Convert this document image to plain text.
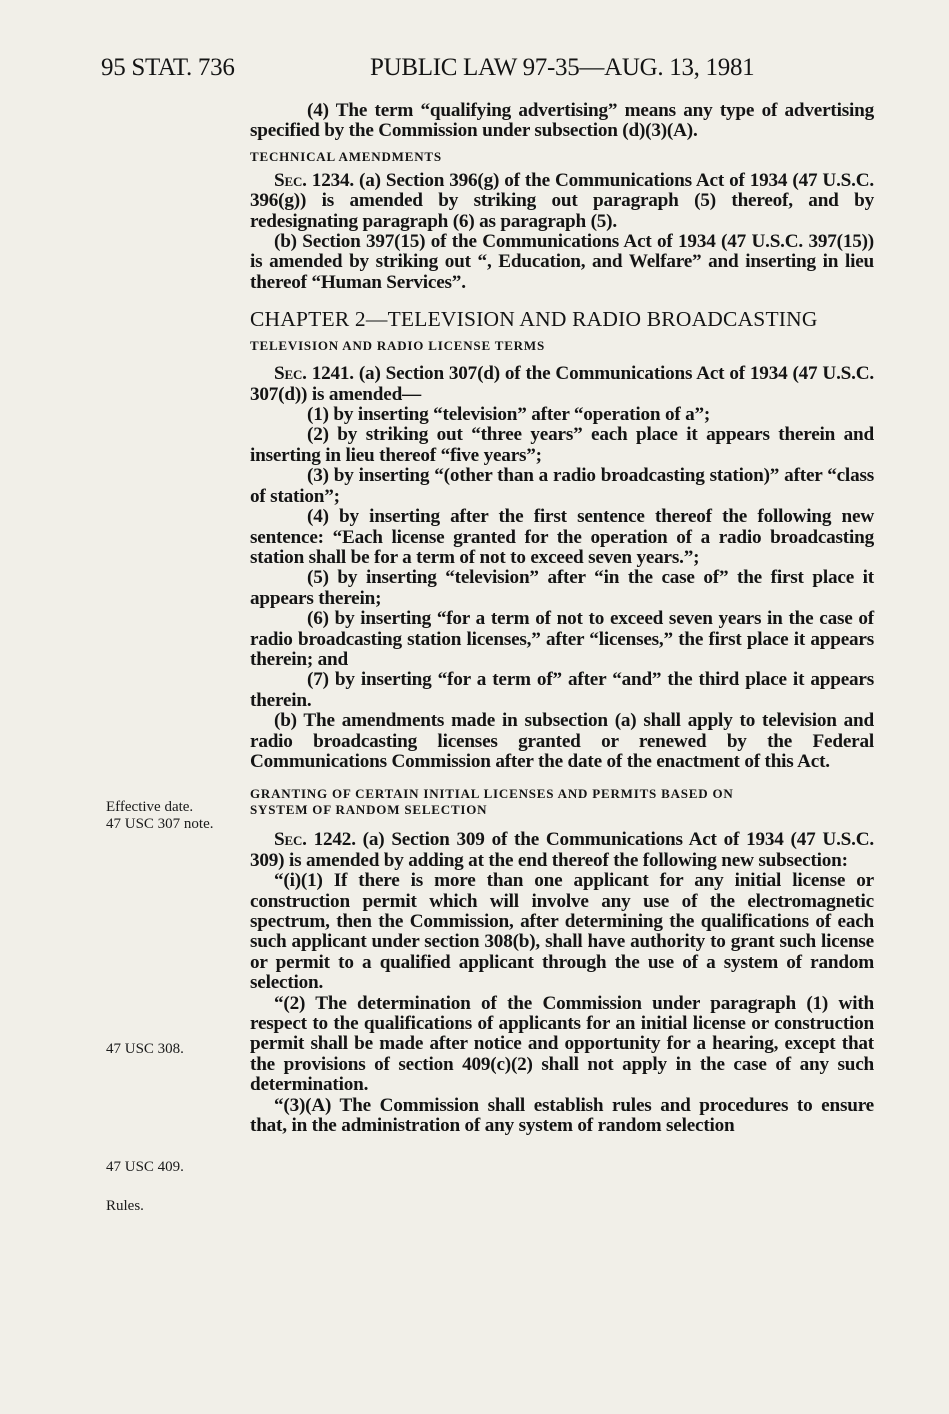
95 STAT. 736	PUBLIC LAW 97-35—AUG. 13, 1981
Effective date.
47 USC 307 note.
47 USC 308.
47 USC 409.
Rules.

(4) The term “qualifying advertising” means any type of advertising specified by the Commission under subsection (d)(3)(A).

TECHNICAL AMENDMENTS

Sec. 1234. (a) Section 396(g) of the Communications Act of 1934 (47 U.S.C. 396(g)) is amended by striking out paragraph (5) thereof, and by redesignating paragraph (6) as paragraph (5).

(b) Section 397(15) of the Communications Act of 1934 (47 U.S.C. 397(15)) is amended by striking out “, Education, and Welfare” and inserting in lieu thereof “Human Services”.

CHAPTER 2—TELEVISION AND RADIO BROADCASTING

TELEVISION AND RADIO LICENSE TERMS

Sec. 1241. (a) Section 307(d) of the Communications Act of 1934 (47 U.S.C. 307(d)) is amended—

(1) by inserting “television” after “operation of a”;

(2) by striking out “three years” each place it appears therein and inserting in lieu thereof “five years”;

(3) by inserting “(other than a radio broadcasting station)” after “class of station”;

(4) by inserting after the first sentence thereof the following new sentence: “Each license granted for the operation of a radio broadcasting station shall be for a term of not to exceed seven years.”;

(5) by inserting “television” after “in the case of” the first place it appears therein;

(6) by inserting “for a term of not to exceed seven years in the case of radio broadcasting station licenses,” after “licenses,” the first place it appears therein; and

(7) by inserting “for a term of” after “and” the third place it appears therein.

(b) The amendments made in subsection (a) shall apply to television and radio broadcasting licenses granted or renewed by the Federal Communications Commission after the date of the enactment of this Act.

GRANTING OF CERTAIN INITIAL LICENSES AND PERMITS BASED ON

SYSTEM OF RANDOM SELECTION

Sec. 1242. (a) Section 309 of the Communications Act of 1934 (47 U.S.C. 309) is amended by adding at the end thereof the following new subsection:

“(i)(1) If there is more than one applicant for any initial license or construction permit which will involve any use of the electromagnetic spectrum, then the Commission, after determining the qualifications of each such applicant under section 308(b), shall have authority to grant such license or permit to a qualified applicant through the use of a system of random selection.

“(2) The determination of the Commission under paragraph (1) with respect to the qualifications of applicants for an initial license or construction permit shall be made after notice and opportunity for a hearing, except that the provisions of section 409(c)(2) shall not apply in the case of any such determination.

“(3)(A) The Commission shall establish rules and procedures to ensure that, in the administration of any system of random selection
